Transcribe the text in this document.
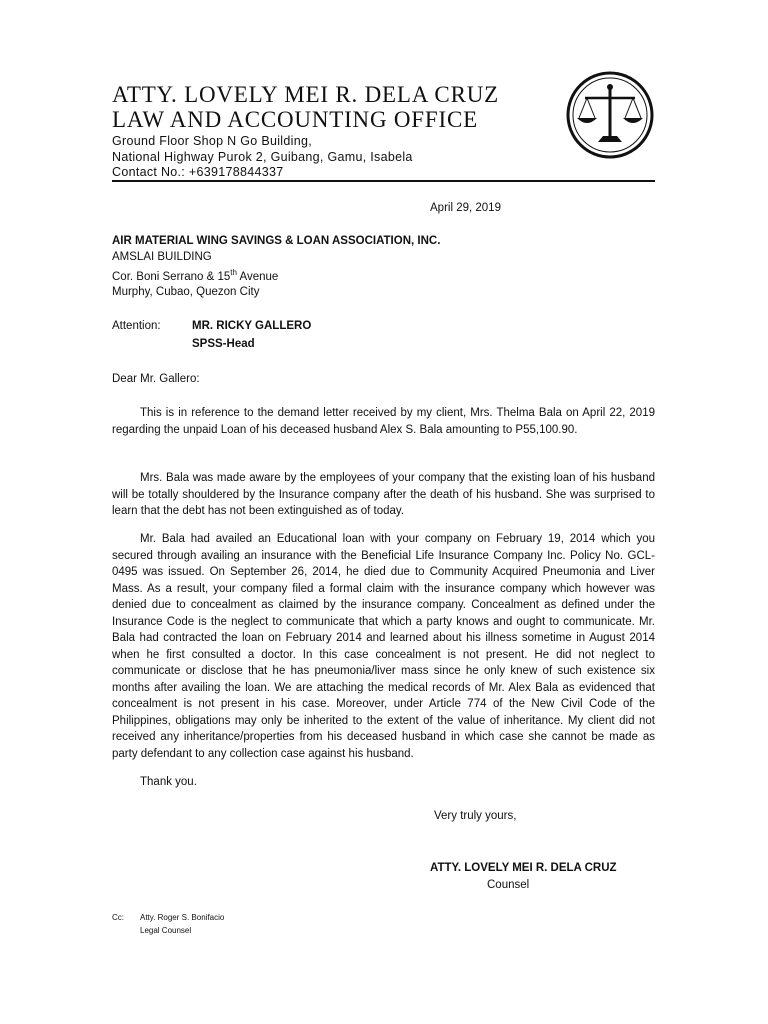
ATTY. LOVELY MEI R. DELA CRUZ
LAW AND ACCOUNTING OFFICE
Ground Floor Shop N Go Building,
National Highway Purok 2, Guibang, Gamu, Isabela
Contact No.: +639178844337
April 29, 2019
AIR MATERIAL WING SAVINGS & LOAN ASSOCIATION, INC.
AMSLAI BUILDING
Cor. Boni Serrano & 15th Avenue
Murphy, Cubao, Quezon City
Attention:	MR. RICKY GALLERO
SPSS-Head
Dear Mr. Gallero:
This is in reference to the demand letter received by my client, Mrs. Thelma Bala on April 22, 2019 regarding the unpaid Loan of his deceased husband Alex S. Bala amounting to P55,100.90.
Mrs. Bala was made aware by the employees of your company that the existing loan of his husband will be totally shouldered by the Insurance company after the death of his husband. She was surprised to learn that the debt has not been extinguished as of today.
Mr. Bala had availed an Educational loan with your company on February 19, 2014 which you secured through availing an insurance with the Beneficial Life Insurance Company Inc. Policy No. GCL-0495 was issued. On September 26, 2014, he died due to Community Acquired Pneumonia and Liver Mass. As a result, your company filed a formal claim with the insurance company which however was denied due to concealment as claimed by the insurance company. Concealment as defined under the Insurance Code is the neglect to communicate that which a party knows and ought to communicate. Mr. Bala had contracted the loan on February 2014 and learned about his illness sometime in August 2014 when he first consulted a doctor. In this case concealment is not present. He did not neglect to communicate or disclose that he has pneumonia/liver mass since he only knew of such existence six months after availing the loan. We are attaching the medical records of Mr. Alex Bala as evidenced that concealment is not present in his case. Moreover, under Article 774 of the New Civil Code of the Philippines, obligations may only be inherited to the extent of the value of inheritance. My client did not received any inheritance/properties from his deceased husband in which case she cannot be made as party defendant to any collection case against his husband.
Thank you.
Very truly yours,
ATTY. LOVELY MEI R. DELA CRUZ
Counsel
Cc: Atty. Roger S. Bonifacio
Legal Counsel
